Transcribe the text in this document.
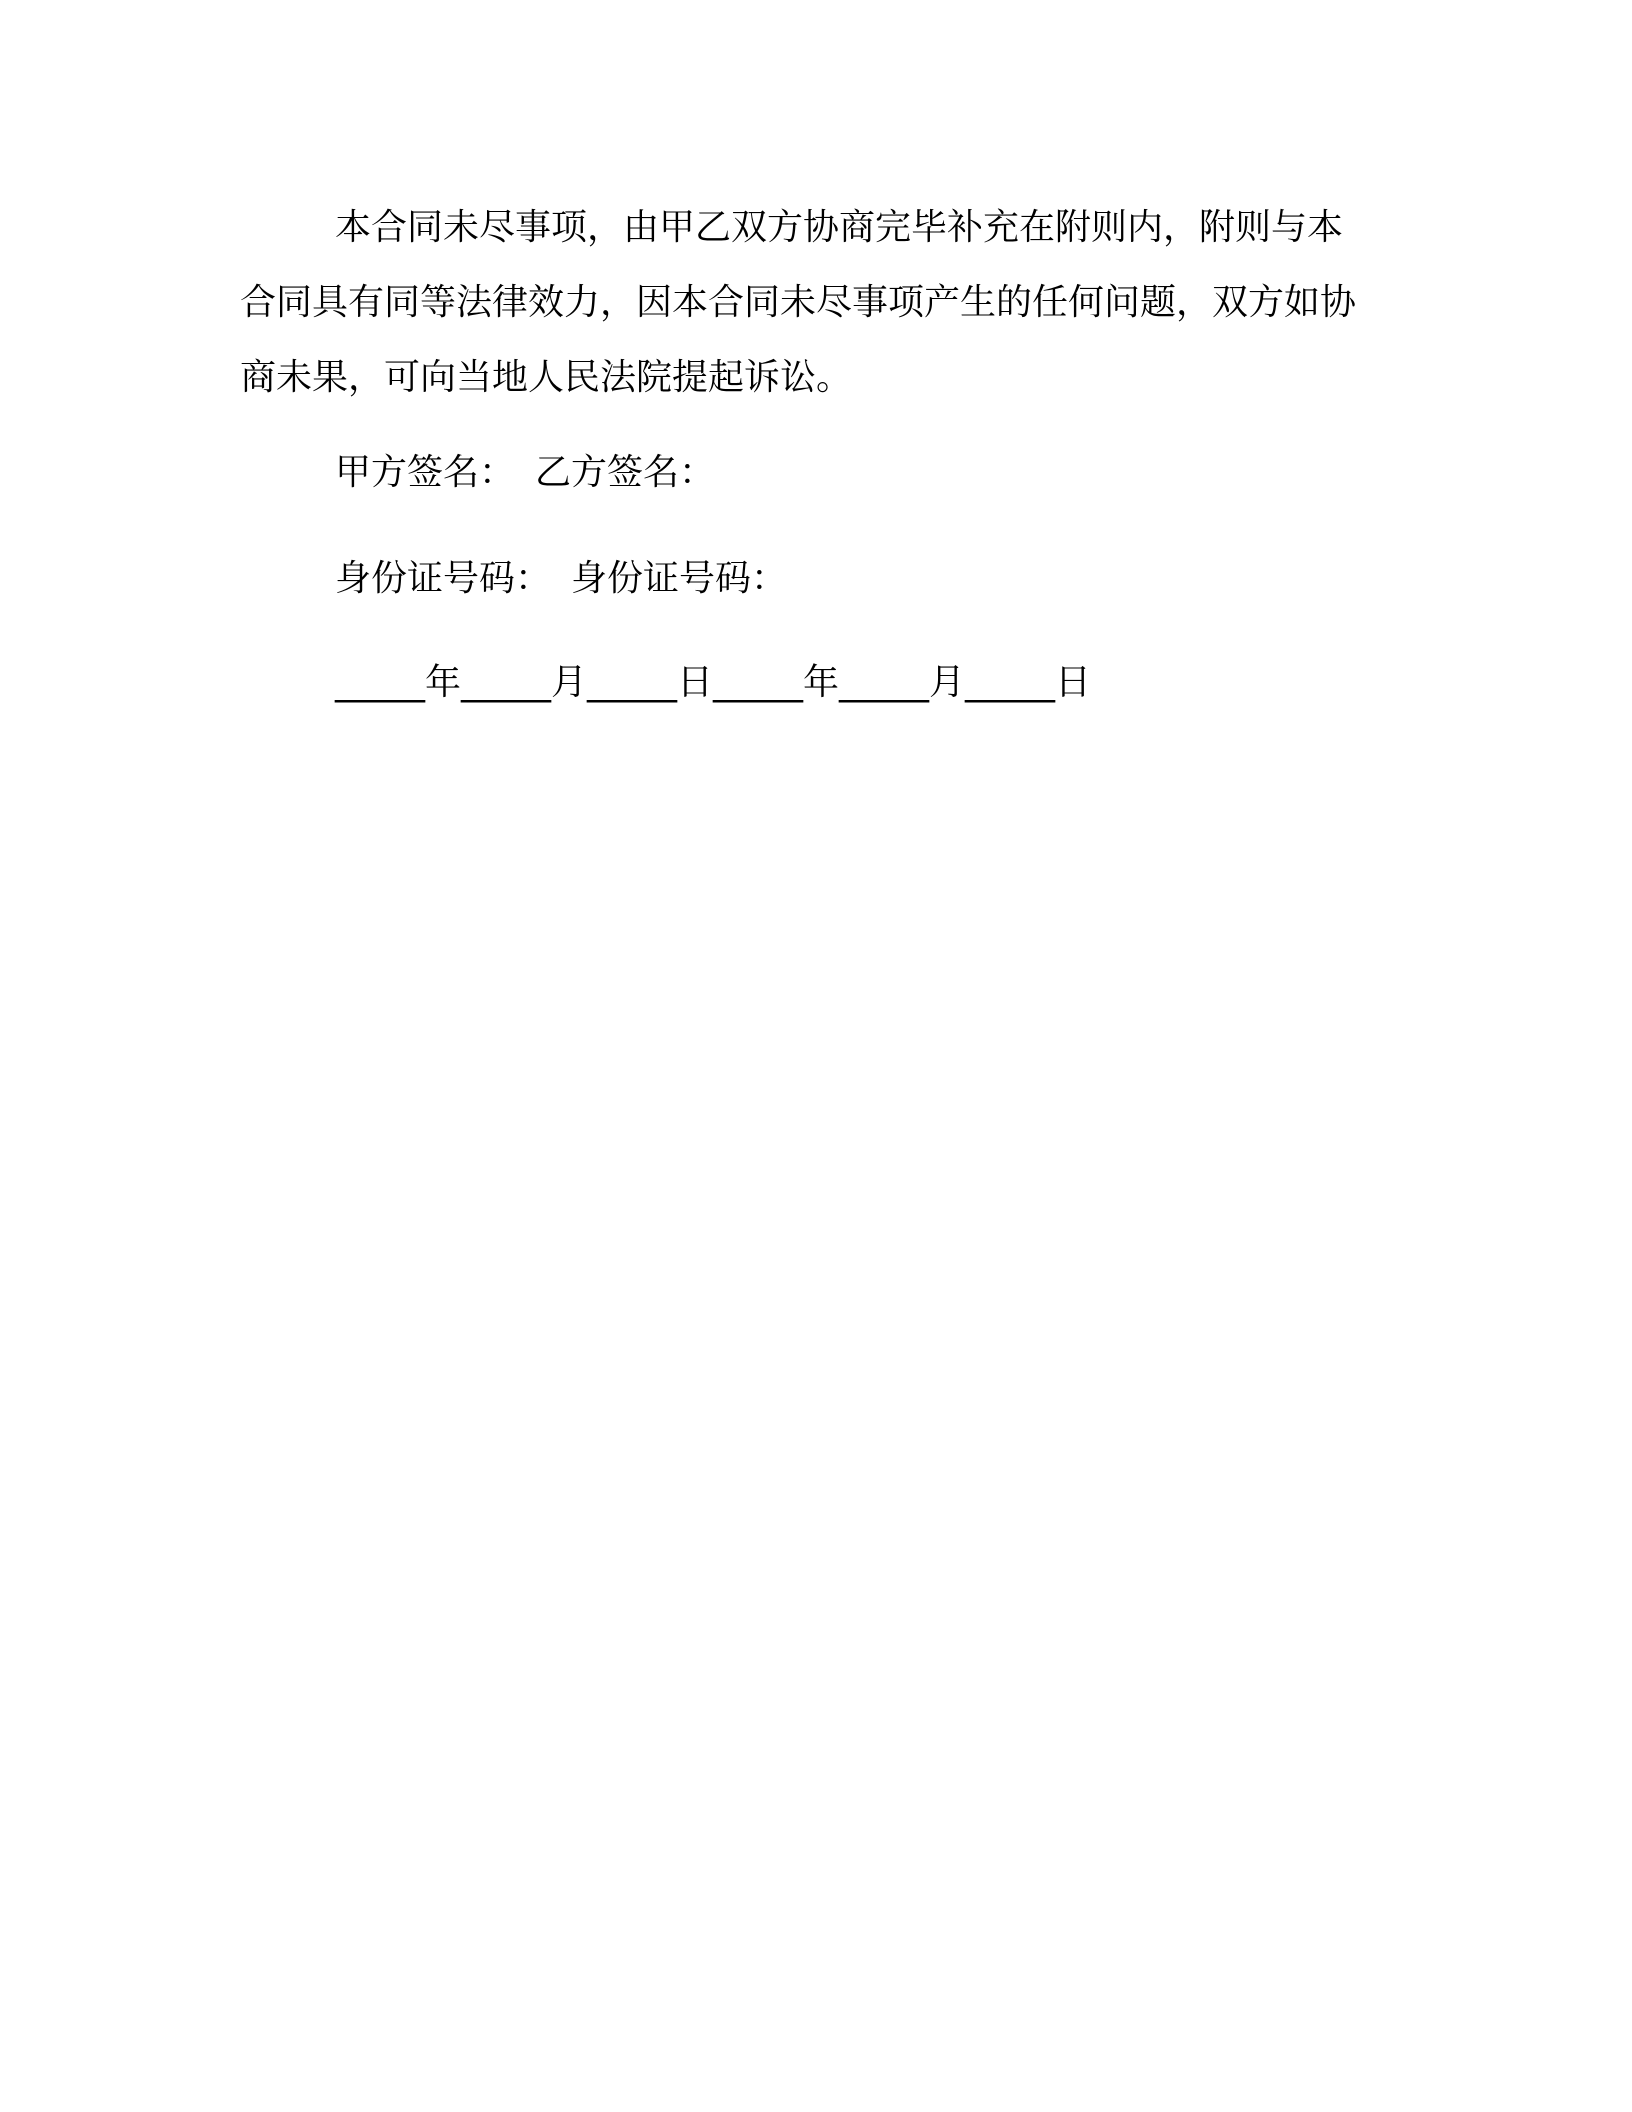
本合同未尽事项，由甲乙双方协商完毕补充在附则内，附则与本合同具有同等法律效力，因本合同未尽事项产生的任何问题，双方如协商未果，可向当地人民法院提起诉讼。

甲方签名： 乙方签名：

身份证号码： 身份证号码：

_____年_____月_____日_____年_____月_____日
